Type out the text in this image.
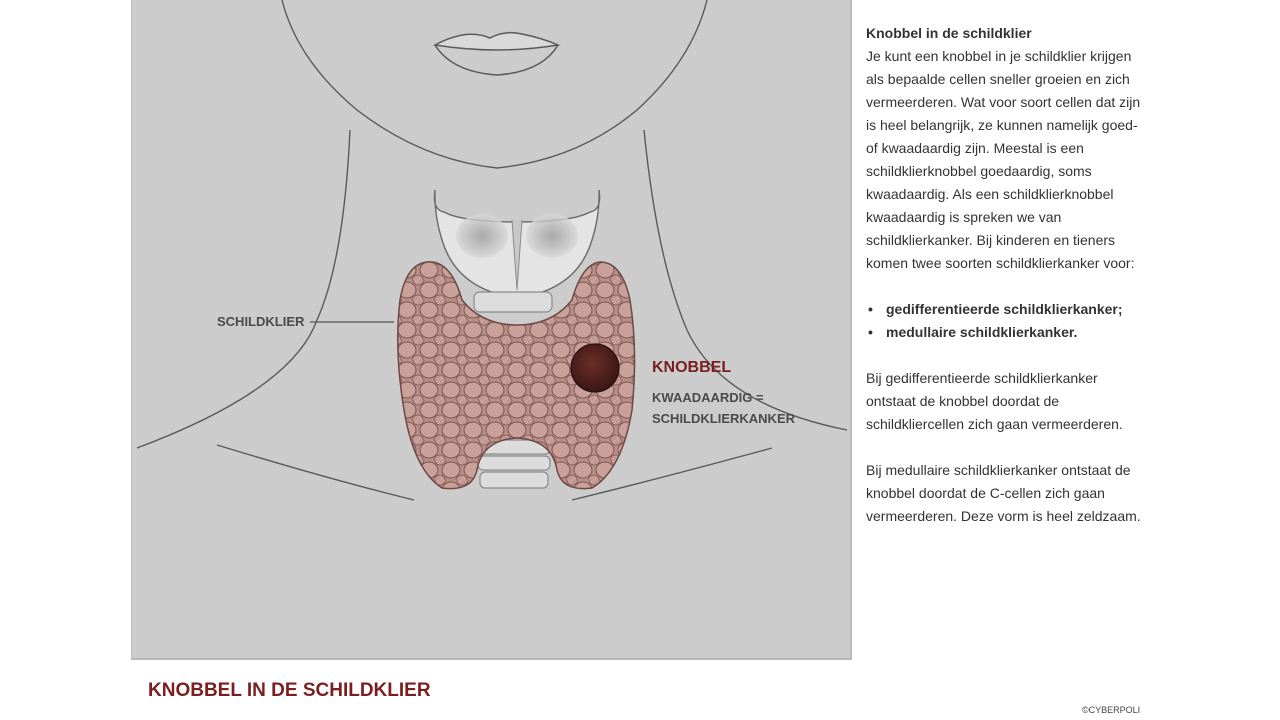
SCHILDKLIER
KNOBBEL
KWAADAARDIG =
SCHILDKLIERKANKER

Knobbel in de schildklier

Je kunt een knobbel in je schildklier krijgen als bepaalde cellen sneller groeien en zich vermeerderen. Wat voor soort cellen dat zijn is heel belangrijk, ze kunnen namelijk goed- of kwaadaardig zijn. Meestal is een schildklierknobbel goedaardig, soms kwaadaardig. Als een schildklierknobbel kwaadaardig is spreken we van schildklierkanker. Bij kinderen en tieners komen twee soorten schildklierkanker voor:

• gedifferentieerde schildklierkanker;
• medullaire schildklierkanker.

Bij gedifferentieerde schildklierkanker ontstaat de knobbel doordat de schildkliercellen zich gaan vermeerderen.

Bij medullaire schildklierkanker ontstaat de knobbel doordat de C-cellen zich gaan vermeerderen. Deze vorm is heel zeldzaam.

KNOBBEL IN DE SCHILDKLIER
©CYBERPOLI
